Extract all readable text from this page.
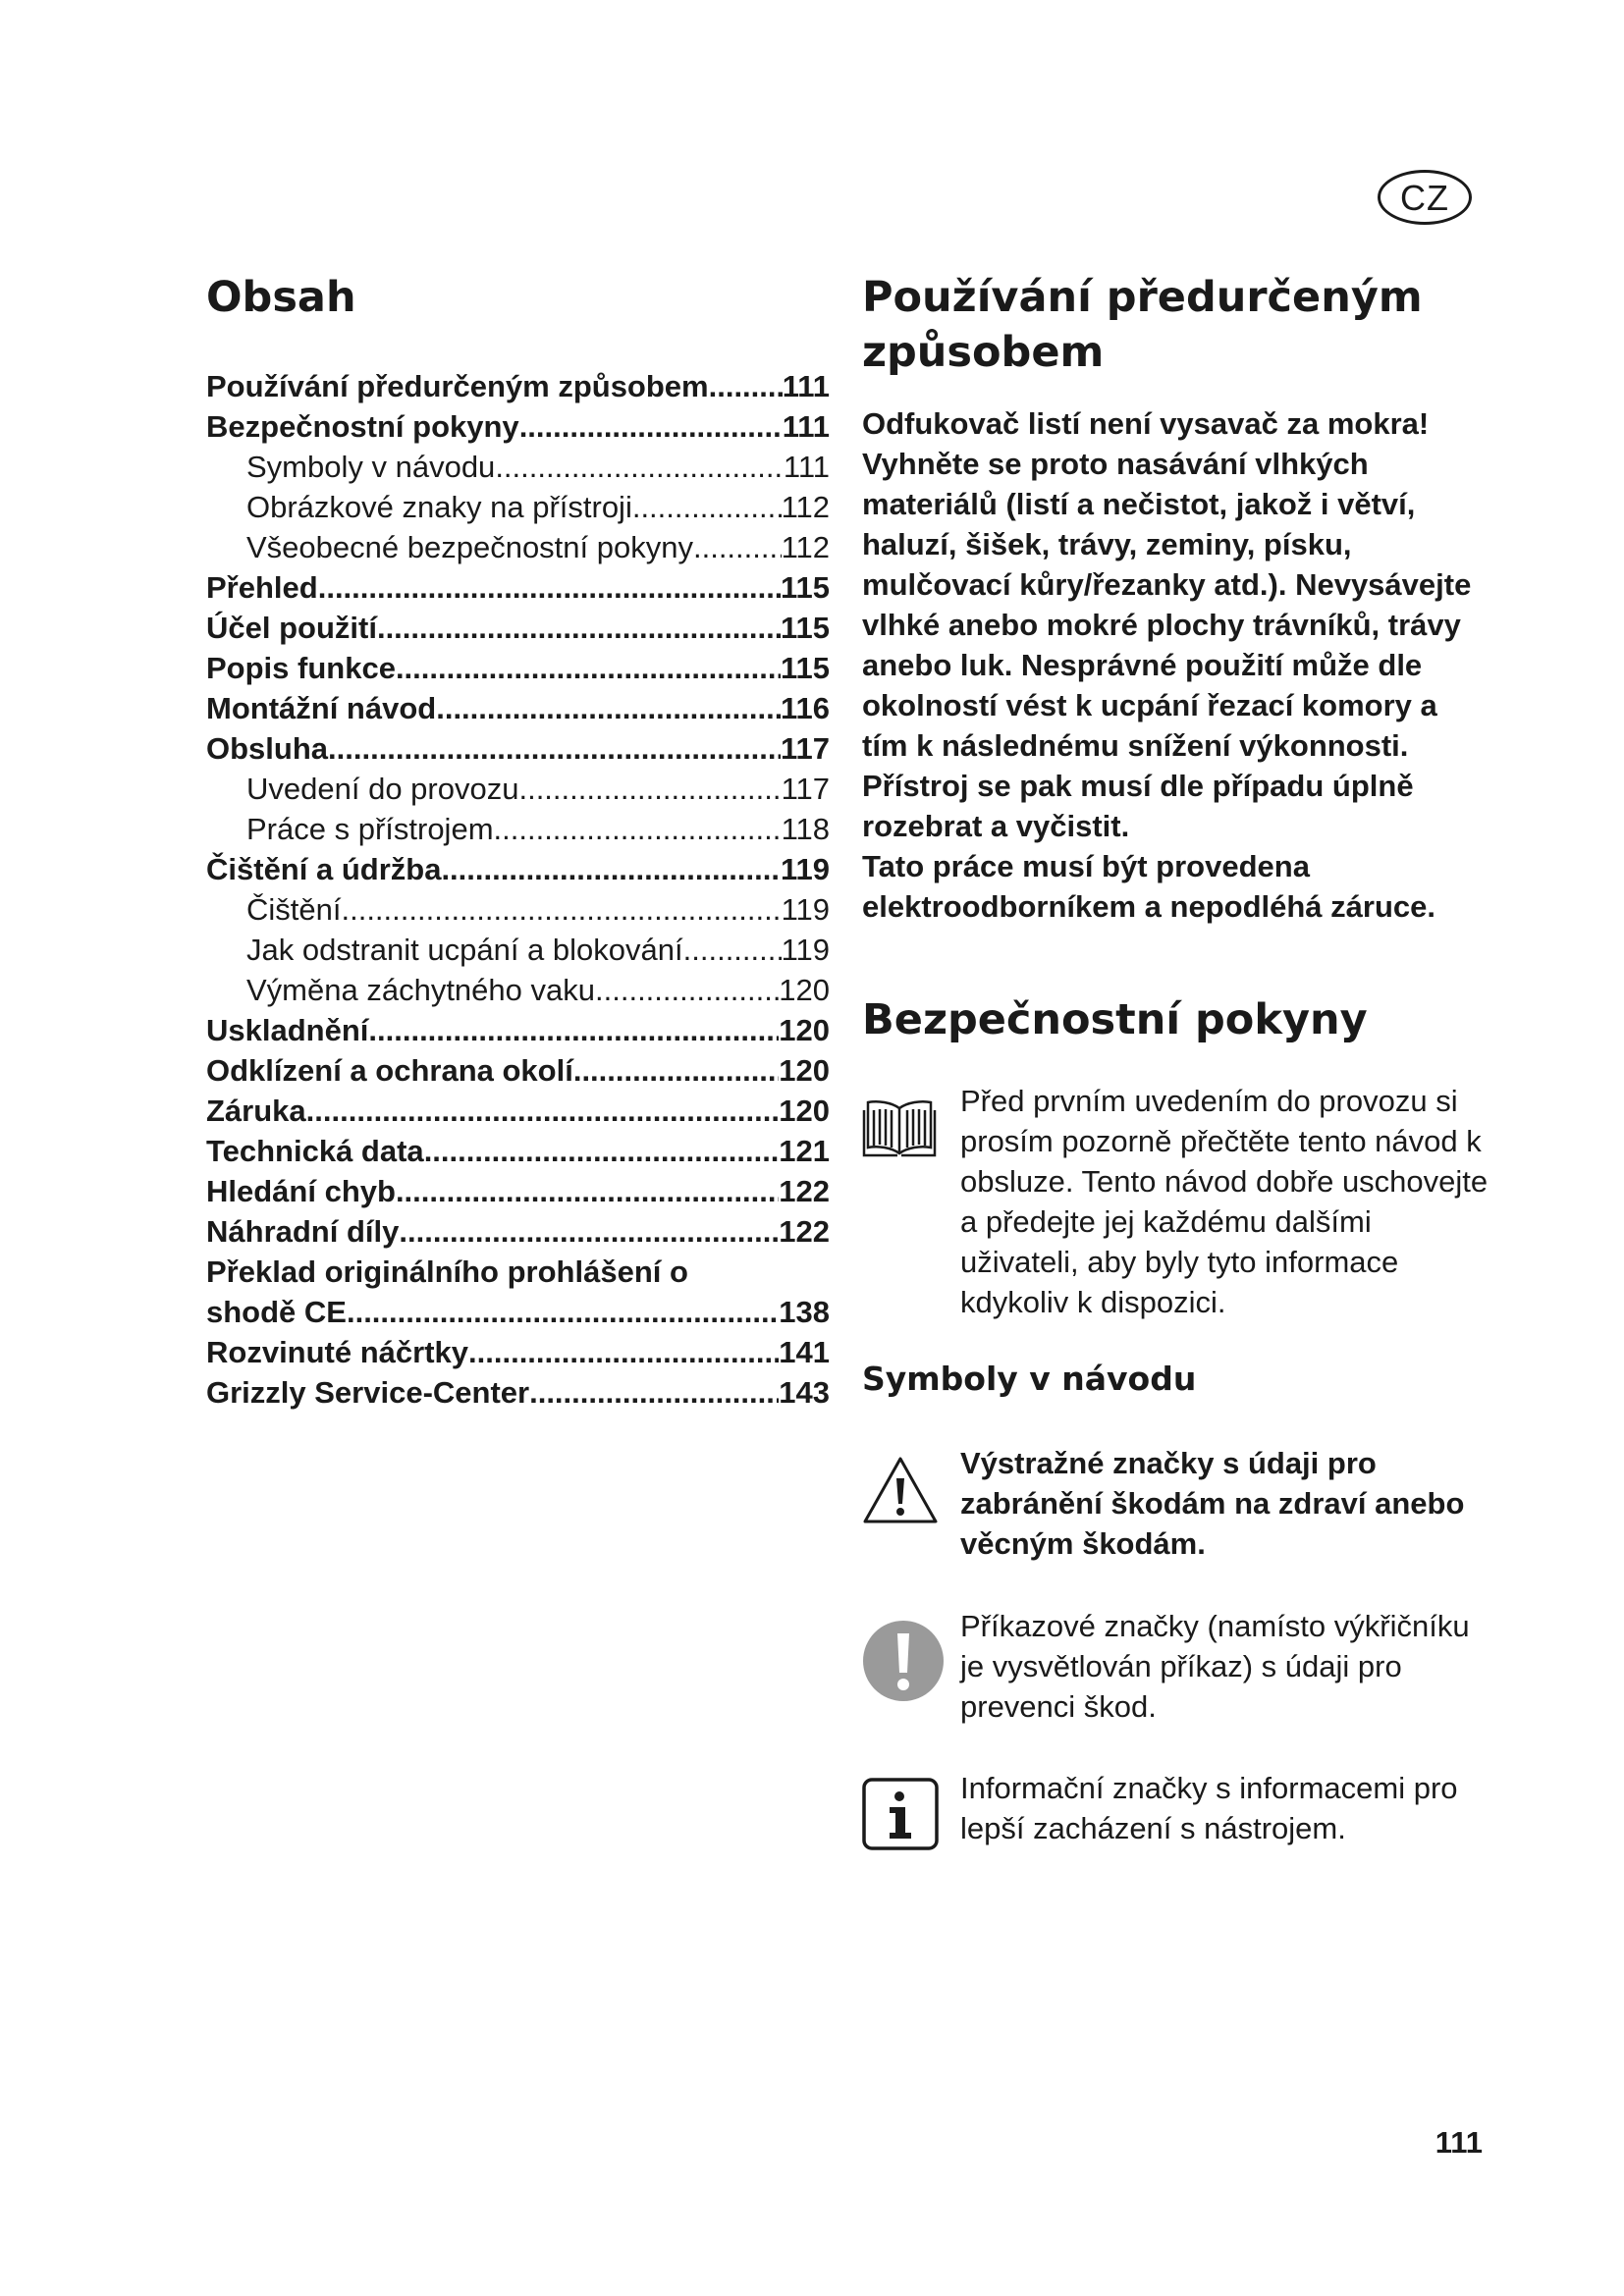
CZ
Obsah
Používání předurčeným způsobem ..... 111
Bezpečnostní pokyny .....	111
Symboly v návodu .....	111
Obrázkové znaky na přístroji .....	112
Všeobecné bezpečnostní pokyny .....	112
Přehled .....	115
Účel použití .....	115
Popis funkce .....	115
Montážní návod .....	116
Obsluha .....	117
Uvedení do provozu .....	117
Práce s přístrojem .....	118
Čištění a údržba .....	119
Čištění .....	119
Jak odstranit ucpání a blokování .....	119
Výměna záchytného vaku .....	120
Uskladnění .....	120
Odklízení a ochrana okolí .....	120
Záruka .....	120
Technická data .....	121
Hledání chyb .....	122
Náhradní díly .....	122
Překlad originálního prohlášení o
shodě CE .....	138
Rozvinuté náčrtky .....	141
Grizzly Service-Center .....	143
Používání předurčeným způsobem
Odfukovač listí není vysavač za mokra! Vyhněte se proto nasávání vlhkých materiálů (listí a nečistot, jakož i větví, haluzí, šišek, trávy, zeminy, písku, mulčovací kůry/řezanky atd.). Nevysávejte vlhké anebo mokré plochy trávníků, trávy anebo luk. Nesprávné použití může dle okolností vést k ucpání řezací komory a tím k následnému snížení výkonnosti. Přístroj se pak musí dle případu úplně rozebrat a vyčistit.
Tato práce musí být provedena elektroodborníkem a nepodléhá záruce.
Bezpečnostní pokyny

Před prvním uvedením do provozu si prosím pozorně přečtěte tento návod k obsluze. Tento návod dobře uschovejte a předejte jej každému dalšími uživateli, aby byly tyto informace kdykoliv k dispozici.

Symboly v návodu

Výstražné značky s údaji pro zabránění škodám na zdraví anebo věcným škodám.

Příkazové značky (namísto výkřičníku je vysvětlován příkaz) s údaji pro prevenci škod.

Informační značky s informacemi pro lepší zacházení s nástrojem.

111
